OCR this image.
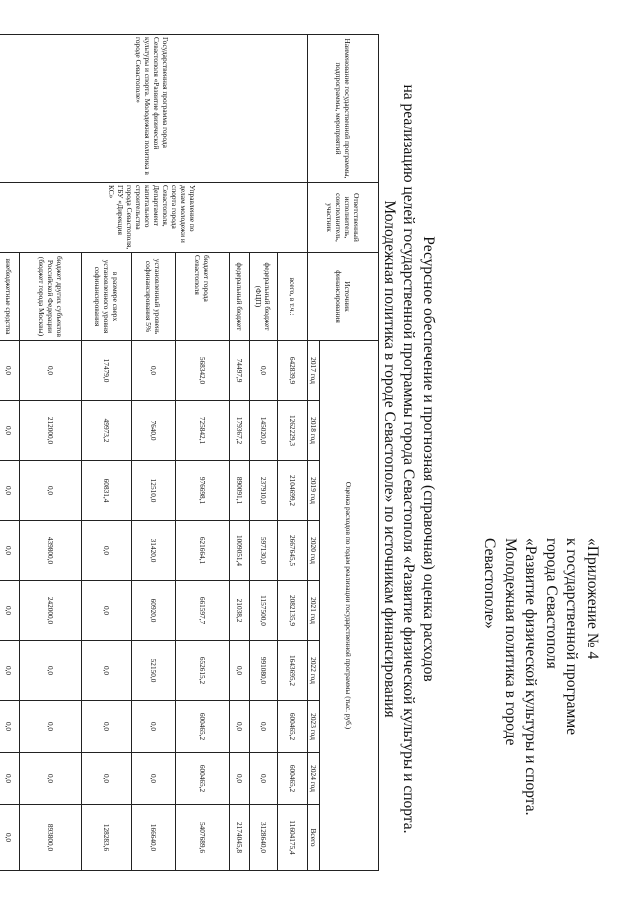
«Приложение № 4
к государственной программе
города Севастополя
«Развитие физической культуры и спорта.
Молодежная политика в городе
Севастополе»
Ресурсное обеспечение и прогнозная (справочная) оценка расходов
на реализацию целей государственной программы города Севастополя «Развитие физической культуры и спорта.
Молодежная политика в городе Севастополе» по источникам финансирования
Наименование государственной программы, подпрограммы, мероприятий	Ответственный исполнитель, соисполнитель, участник	Источник финансирования	Оценка расходов по годам реализации государственной программы (тыс. руб.)								
			2017 год	2018 год	2019 год	2020 год	2021 год	2022 год	2023 год	2024 год	Всего
Государственная программа города Севастополя «Развитие физической культуры и спорта. Молодежная политика в городе Севастополе»	Управление по делам молодежи и спорта города Севастополя, Департамент капитального строительства города Севастополя, ГБУ «Дирекция КС»	всего, в т.ч.:	642839,9	1262229,3	2104699,2	2667645,5	2082135,9	1643695,2	600465,2	600465,2	11604175,4
		федеральный бюджет (ФЦП)	0,0	145020,0	237910,0	597130,0	1157500,0	991080,0	0,0	0,0	3128640,0
		федеральный бюджет	74497,9	179367,2	890091,1	1009051,4	21038,2	0,0	0,0	0,0	2174045,8
		бюджет города Севастополя	568342,0	725842,1	976698,1	621664,1	661597,7	652615,2	600465,2	600465,2	5407689,6
		установленный уровень софинансирования 5%	0,0	7640,0	12510,0	31420,0	60920,0	52150,0	0,0	0,0	166640,0
		в размере сверх установленного уровня софинансирования	17479,0	49973,2	60831,4	0,0	0,0	0,0	0,0	0,0	128283,6
		бюджет других субъектов Российской Федерации (бюджет города Москвы)	0,0	212000,0	0,0	439800,0	242000,0	0,0	0,0	0,0	893800,0
		внебюджетные средства	0,0	0,0	0,0	0,0	0,0	0,0	0,0	0,0	0,0
